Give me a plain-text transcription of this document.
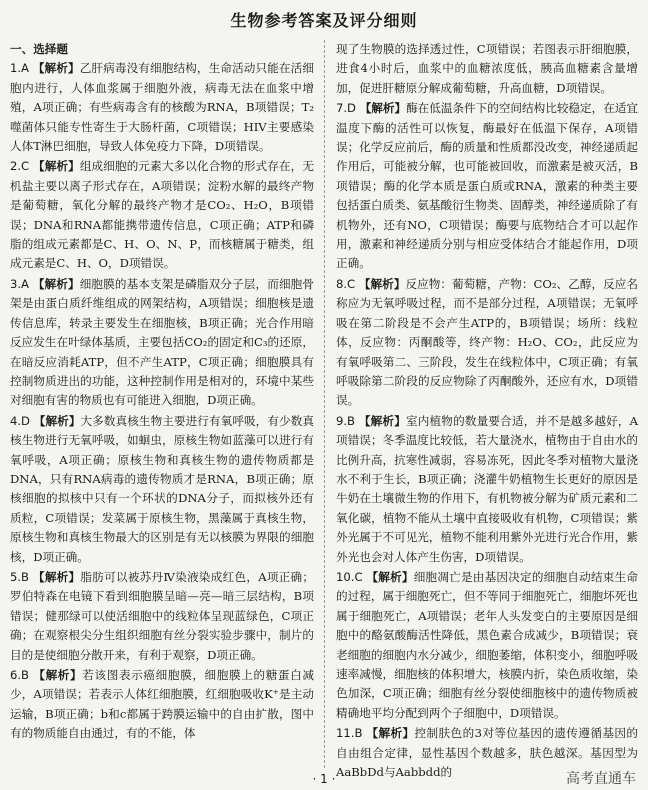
生物参考答案及评分细则
一、选择题
1.A 【解析】乙肝病毒没有细胞结构，生命活动只能在活细胞内进行，人体血浆属于细胞外液，病毒无法在血浆中增殖，A项正确；有些病毒含有的核酸为RNA，B项错误；T₂噬菌体只能专性寄生于大肠杆菌，C项错误；HIV主要感染人体T淋巴细胞，导致人体免疫力下降，D项错误。
2.C 【解析】组成细胞的元素大多以化合物的形式存在，无机盐主要以离子形式存在，A项错误；淀粉水解的最终产物是葡萄糖，氧化分解的最终产物才是CO₂、H₂O，B项错误；DNA和RNA都能携带遗传信息，C项正确；ATP和磷脂的组成元素都是C、H、O、N、P，而核糖属于糖类，组成元素是C、H、O，D项错误。
3.A 【解析】细胞膜的基本支架是磷脂双分子层，而细胞骨架是由蛋白质纤维组成的网架结构，A项错误；细胞核是遗传信息库，转录主要发生在细胞核，B项正确；光合作用暗反应发生在叶绿体基质，主要包括CO₂的固定和C₃的还原，在暗反应消耗ATP，但不产生ATP，C项正确；细胞膜具有控制物质进出的功能，这种控制作用是相对的，环境中某些对细胞有害的物质也有可能进入细胞，D项正确。
4.D 【解析】大多数真核生物主要进行有氧呼吸，有少数真核生物进行无氧呼吸，如蛔虫，原核生物如蓝藻可以进行有氧呼吸，A项正确；原核生物和真核生物的遗传物质都是DNA，只有RNA病毒的遗传物质才是RNA，B项正确；原核细胞的拟核中只有一个环状的DNA分子，而拟核外还有质粒，C项错误；发菜属于原核生物，黑藻属于真核生物，原核生物和真核生物最大的区别是有无以核膜为界限的细胞核，D项正确。
5.B 【解析】脂肪可以被苏丹Ⅳ染液染成红色，A项正确；罗伯特森在电镜下看到细胞膜呈暗—亮—暗三层结构，B项错误；健那绿可以使活细胞中的线粒体呈现蓝绿色，C项正确；在观察根尖分生组织细胞有丝分裂实验步骤中，制片的目的是使细胞分散开来，有利于观察，D项正确。
6.B 【解析】若该图表示癌细胞膜，细胞膜上的糖蛋白减少，A项错误；若表示人体红细胞膜，红细胞吸收K⁺是主动运输，B项正确；b和c都属于跨膜运输中的自由扩散，图中有的物质能自由通过，有的不能，体
现了生物膜的选择透过性，C项错误；若图表示肝细胞膜，进食4小时后，血浆中的血糖浓度低，胰高血糖素含量增加，促进肝糖原分解成葡萄糖，升高血糖，D项错误。
7.D 【解析】酶在低温条件下的空间结构比较稳定，在适宜温度下酶的活性可以恢复，酶最好在低温下保存，A项错误；化学反应前后，酶的质量和性质都没改变，神经递质起作用后，可能被分解，也可能被回收，而激素是被灭活，B项错误；酶的化学本质是蛋白质或RNA，激素的种类主要包括蛋白质类、氨基酸衍生物类、固醇类，神经递质除了有机物外，还有NO，C项错误；酶要与底物结合才可以起作用，激素和神经递质分别与相应受体结合才能起作用，D项正确。
8.C 【解析】反应物：葡萄糖，产物：CO₂、乙醇，反应名称应为无氧呼吸过程，而不是部分过程，A项错误；无氧呼吸在第二阶段是不会产生ATP的，B项错误；场所：线粒体，反应物：丙酮酸等，终产物：H₂O、CO₂，此反应为有氧呼吸第二、三阶段，发生在线粒体中，C项正确；有氧呼吸除第二阶段的反应物除了丙酮酸外，还应有水，D项错误。
9.B 【解析】室内植物的数量要合适，并不是越多越好，A项错误；冬季温度比较低，若大量浇水，植物由于自由水的比例升高，抗寒性减弱，容易冻死，因此冬季对植物大量浇水不利于生长，B项正确；浇灌牛奶植物生长更好的原因是牛奶在土壤微生物的作用下，有机物被分解为矿质元素和二氧化碳，植物不能从土壤中直接吸收有机物，C项错误；紫外光属于不可见光，植物不能利用紫外光进行光合作用，紫外光也会对人体产生伤害，D项错误。
10.C 【解析】细胞凋亡是由基因决定的细胞自动结束生命的过程，属于细胞死亡，但不等同于细胞死亡，细胞坏死也属于细胞死亡，A项错误；老年人头发变白的主要原因是细胞中的酪氨酸酶活性降低，黑色素合成减少，B项错误；衰老细胞的细胞内水分减少，细胞萎缩，体积变小，细胞呼吸速率减慢，细胞核的体积增大，核膜内折，染色质收缩，染色加深，C项正确；细胞有丝分裂使细胞核中的遗传物质被精确地平均分配到两个子细胞中，D项错误。
11.B 【解析】控制肤色的3对等位基因的遗传遵循基因的自由组合定律，显性基因个数越多，肤色越深。基因型为AaBbDd与Aabbdd的
· 1 ·	高考直通车
